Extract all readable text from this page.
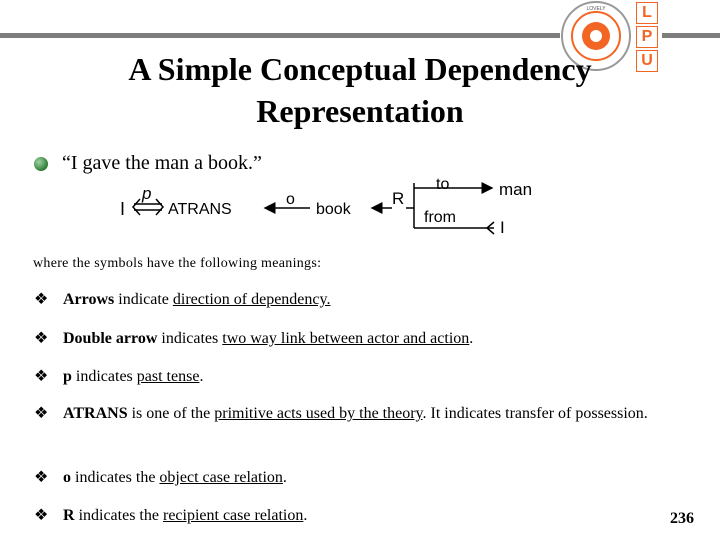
LOVELY	L
P
U
A Simple Conceptual Dependency
Representation
“I gave the man a book.”
I
p
ATRANS
o
book
R
to	man
from
I
where the symbols have the following meanings:
❖ Arrows indicate direction of dependency.
❖ Double arrow indicates two way link between actor and action.
❖ p indicates past tense.
❖ ATRANS is one of the primitive acts used by the theory. It indicates transfer of possession.
❖ o indicates the object case relation.
❖ R indicates the recipient case relation.	236
